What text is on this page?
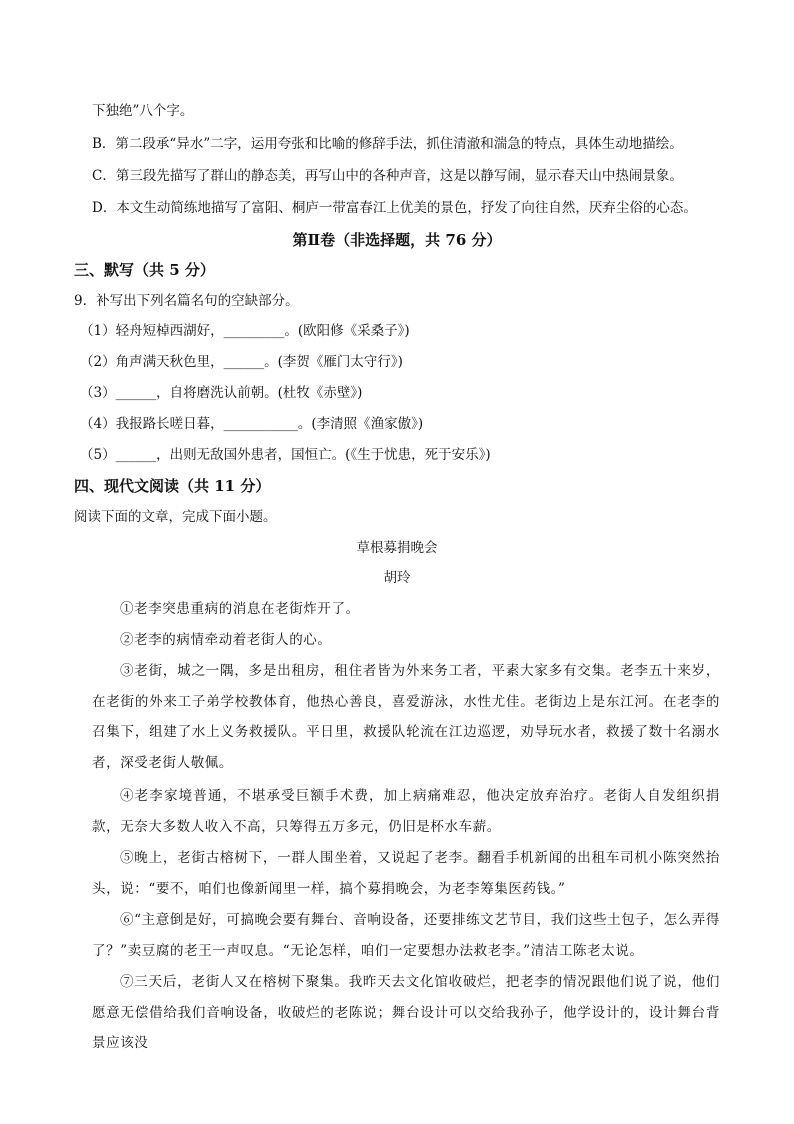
下独绝”八个字。
B．第二段承“异水”二字，运用夸张和比喻的修辞手法，抓住清澈和湍急的特点，具体生动地描绘。
C．第三段先描写了群山的静态美，再写山中的各种声音，这是以静写闹，显示春天山中热闹景象。
D．本文生动简练地描写了富阳、桐庐一带富春江上优美的景色，抒发了向往自然，厌弃尘俗的心态。
第Ⅱ卷（非选择题，共 76 分）
三、默写（共 5 分）
9．补写出下列名篇名句的空缺部分。
（1）轻舟短棹西湖好，_________。(欧阳修《采桑子》)
（2）角声满天秋色里，______。(李贺《雁门太守行》)
（3）______，自将磨洗认前朝。(杜牧《赤壁》)
（4）我报路长嗟日暮，___________。(李清照《渔家傲》)
（5）______，出则无敌国外患者，国恒亡。(《生于忧患，死于安乐》)
四、现代文阅读（共 11 分）
阅读下面的文章，完成下面小题。
草根募捐晚会
胡玲
①老李突患重病的消息在老街炸开了。
②老李的病情牵动着老街人的心。
③老街，城之一隅，多是出租房，租住者皆为外来务工者，平素大家多有交集。老李五十来岁，在老街的外来工子弟学校教体育，他热心善良，喜爱游泳，水性尤佳。老街边上是东江河。在老李的召集下，组建了水上义务救援队。平日里，救援队轮流在江边巡逻，劝导玩水者，救援了数十名溺水者，深受老街人敬佩。
④老李家境普通，不堪承受巨额手术费，加上病痛难忍，他决定放弃治疗。老街人自发组织捐款，无奈大多数人收入不高，只筹得五万多元，仍旧是杯水车薪。
⑤晚上，老街古榕树下，一群人围坐着，又说起了老李。翻看手机新闻的出租车司机小陈突然抬头，说：“要不，咱们也像新闻里一样，搞个募捐晚会，为老李筹集医药钱。”
⑥“主意倒是好，可搞晚会要有舞台、音响设备，还要排练文艺节目，我们这些土包子，怎么弄得了？”卖豆腐的老王一声叹息。“无论怎样，咱们一定要想办法救老李。”清洁工陈老太说。
⑦三天后，老街人又在榕树下聚集。我昨天去文化馆收破烂，把老李的情况跟他们说了说，他们愿意无偿借给我们音响设备，收破烂的老陈说；舞台设计可以交给我孙子，他学设计的，设计舞台背景应该没
